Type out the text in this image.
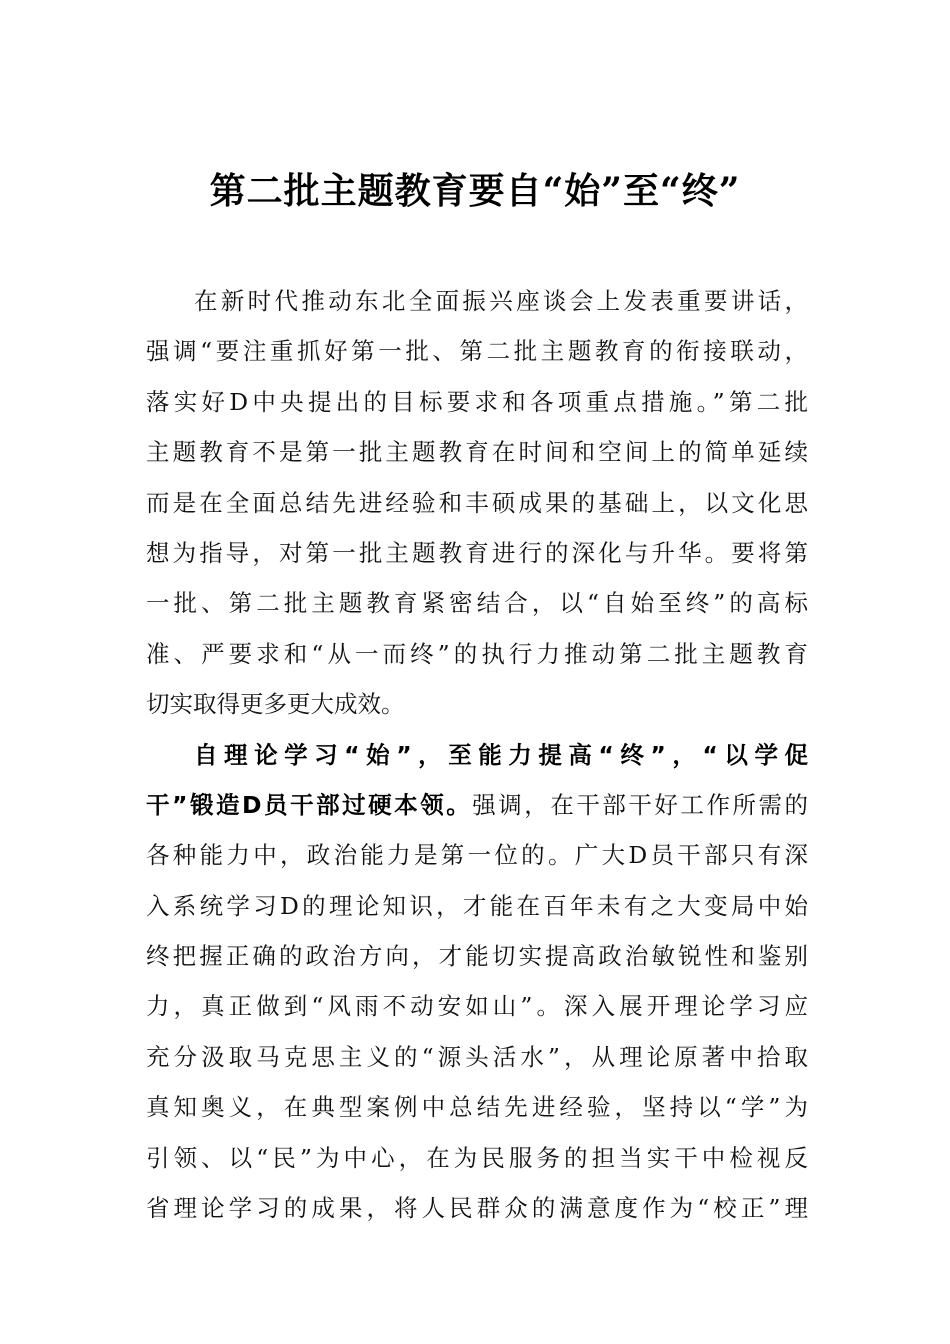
第二批主题教育要自“始”至“终”
在新时代推动东北全面振兴座谈会上发表重要讲话，
强调“要注重抓好第一批、第二批主题教育的衔接联动，
落实好D中央提出的目标要求和各项重点措施。”第二批
主题教育不是第一批主题教育在时间和空间上的简单延续
而是在全面总结先进经验和丰硕成果的基础上，以文化思
想为指导，对第一批主题教育进行的深化与升华。要将第
一批、第二批主题教育紧密结合，以“自始至终”的高标
准、严要求和“从一而终”的执行力推动第二批主题教育
切实取得更多更大成效。
自理论学习“始”，至能力提高“终”，“以学促
干”锻造D员干部过硬本领。强调，在干部干好工作所需的
各种能力中，政治能力是第一位的。广大D员干部只有深
入系统学习D的理论知识，才能在百年未有之大变局中始
终把握正确的政治方向，才能切实提高政治敏锐性和鉴别
力，真正做到“风雨不动安如山”。深入展开理论学习应
充分汲取马克思主义的“源头活水”，从理论原著中拾取
真知奥义，在典型案例中总结先进经验，坚持以“学”为
引领、以“民”为中心，在为民服务的担当实干中检视反
省理论学习的成果，将人民群众的满意度作为“校正”理
